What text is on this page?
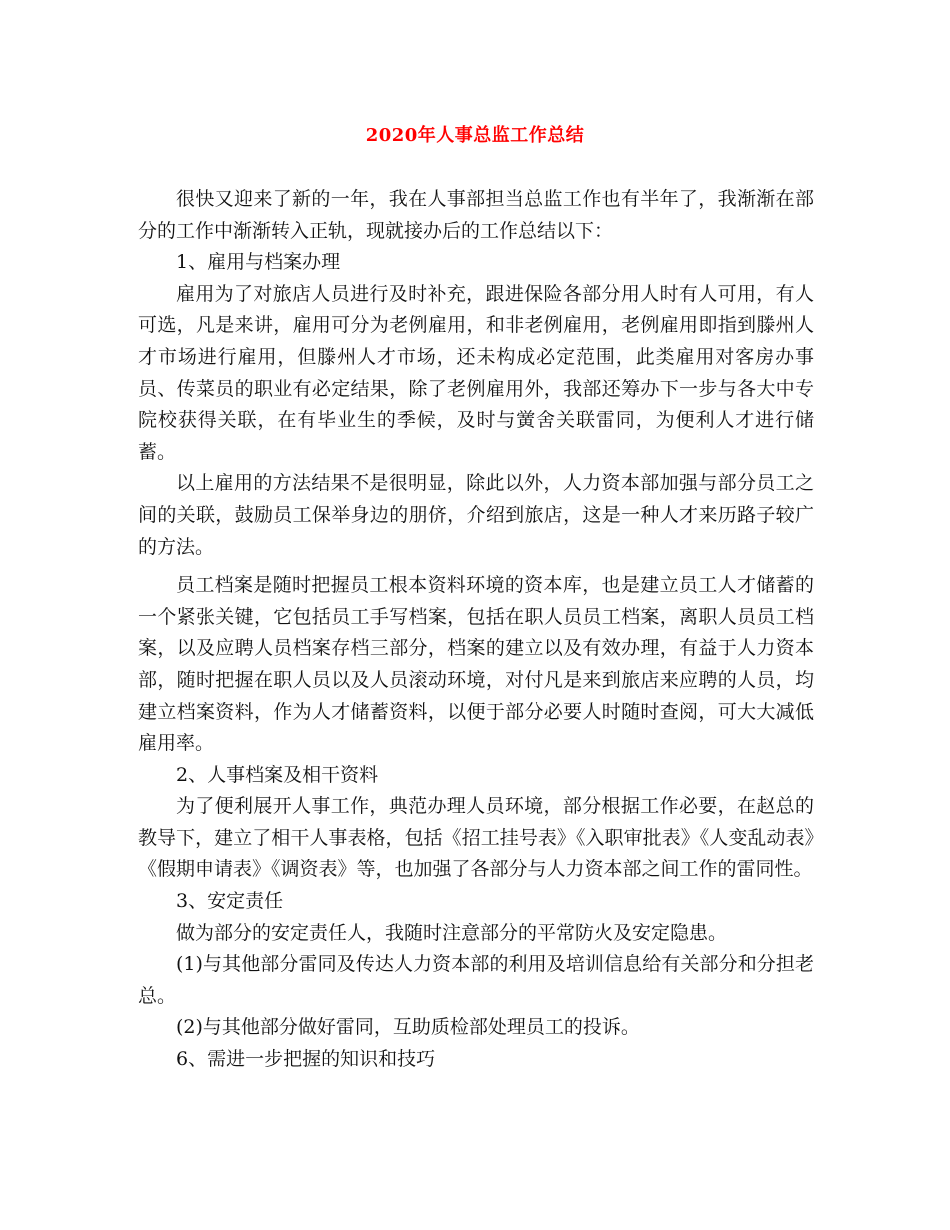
2020年人事总监工作总结

很快又迎来了新的一年，我在人事部担当总监工作也有半年了，我渐渐在部分的工作中渐渐转入正轨，现就接办后的工作总结以下：

1、雇用与档案办理

雇用为了对旅店人员进行及时补充，跟进保险各部分用人时有人可用，有人可选，凡是来讲，雇用可分为老例雇用，和非老例雇用，老例雇用即指到滕州人才市场进行雇用，但滕州人才市场，还未构成必定范围，此类雇用对客房办事员、传菜员的职业有必定结果，除了老例雇用外，我部还筹办下一步与各大中专院校获得关联，在有毕业生的季候，及时与黉舍关联雷同，为便利人才进行储蓄。

以上雇用的方法结果不是很明显，除此以外，人力资本部加强与部分员工之间的关联，鼓励员工保举身边的朋侪，介绍到旅店，这是一种人才来历路子较广的方法。

员工档案是随时把握员工根本资料环境的资本库，也是建立员工人才储蓄的一个紧张关键，它包括员工手写档案，包括在职人员员工档案，离职人员员工档案，以及应聘人员档案存档三部分，档案的建立以及有效办理，有益于人力资本部，随时把握在职人员以及人员滚动环境，对付凡是来到旅店来应聘的人员，均建立档案资料，作为人才储蓄资料，以便于部分必要人时随时查阅，可大大减低雇用率。

2、人事档案及相干资料

为了便利展开人事工作，典范办理人员环境，部分根据工作必要，在赵总的教导下，建立了相干人事表格，包括《招工挂号表》《入职审批表》《人变乱动表》《假期申请表》《调资表》等，也加强了各部分与人力资本部之间工作的雷同性。

3、安定责任

做为部分的安定责任人，我随时注意部分的平常防火及安定隐患。

(1)与其他部分雷同及传达人力资本部的利用及培训信息给有关部分和分担老总。

(2)与其他部分做好雷同，互助质检部处理员工的投诉。

6、需进一步把握的知识和技巧
